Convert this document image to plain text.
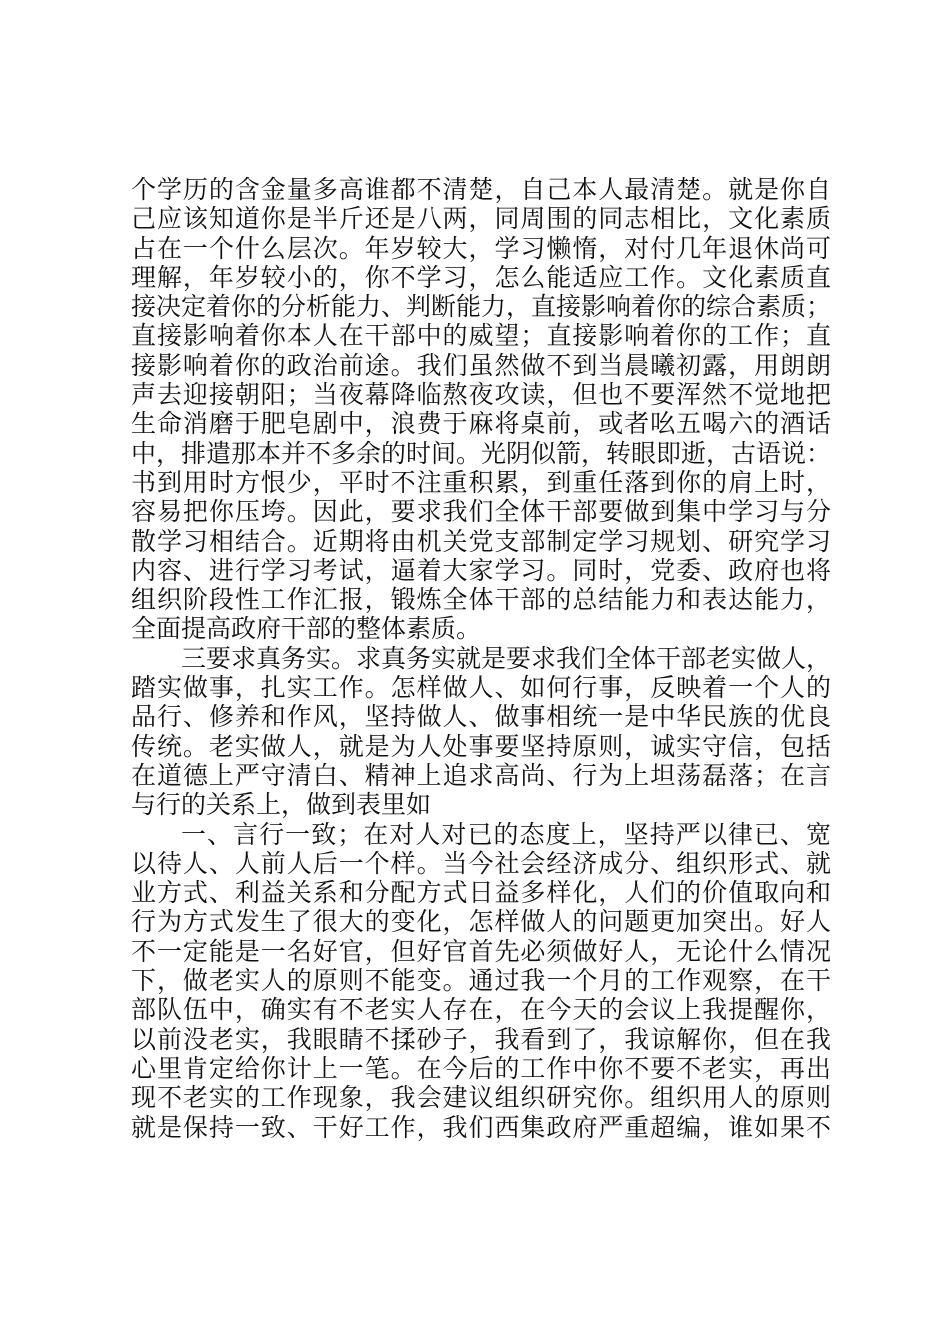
个学历的含金量多高谁都不清楚，自己本人最清楚。就是你自
己应该知道你是半斤还是八两，同周围的同志相比，文化素质
占在一个什么层次。年岁较大，学习懒惰，对付几年退休尚可
理解，年岁较小的，你不学习，怎么能适应工作。文化素质直
接决定着你的分析能力、判断能力，直接影响着你的综合素质；
直接影响着你本人在干部中的威望；直接影响着你的工作；直
接影响着你的政治前途。我们虽然做不到当晨曦初露，用朗朗
声去迎接朝阳；当夜幕降临熬夜攻读，但也不要浑然不觉地把
生命消磨于肥皂剧中，浪费于麻将桌前，或者吆五喝六的酒话
中，排遣那本并不多余的时间。光阴似箭，转眼即逝，古语说：
书到用时方恨少，平时不注重积累，到重任落到你的肩上时，
容易把你压垮。因此，要求我们全体干部要做到集中学习与分
散学习相结合。近期将由机关党支部制定学习规划、研究学习
内容、进行学习考试，逼着大家学习。同时，党委、政府也将
组织阶段性工作汇报，锻炼全体干部的总结能力和表达能力，
全面提高政府干部的整体素质。
三要求真务实。求真务实就是要求我们全体干部老实做人，
踏实做事，扎实工作。怎样做人、如何行事，反映着一个人的
品行、修养和作风，坚持做人、做事相统一是中华民族的优良
传统。老实做人，就是为人处事要坚持原则，诚实守信，包括
在道德上严守清白、精神上追求高尚、行为上坦荡磊落；在言
与行的关系上，做到表里如
一、言行一致；在对人对已的态度上，坚持严以律已、宽
以待人、人前人后一个样。当今社会经济成分、组织形式、就
业方式、利益关系和分配方式日益多样化，人们的价值取向和
行为方式发生了很大的变化，怎样做人的问题更加突出。好人
不一定能是一名好官，但好官首先必须做好人，无论什么情况
下，做老实人的原则不能变。通过我一个月的工作观察，在干
部队伍中，确实有不老实人存在，在今天的会议上我提醒你，
以前没老实，我眼睛不揉砂子，我看到了，我谅解你，但在我
心里肯定给你计上一笔。在今后的工作中你不要不老实，再出
现不老实的工作现象，我会建议组织研究你。组织用人的原则
就是保持一致、干好工作，我们西集政府严重超编，谁如果不
